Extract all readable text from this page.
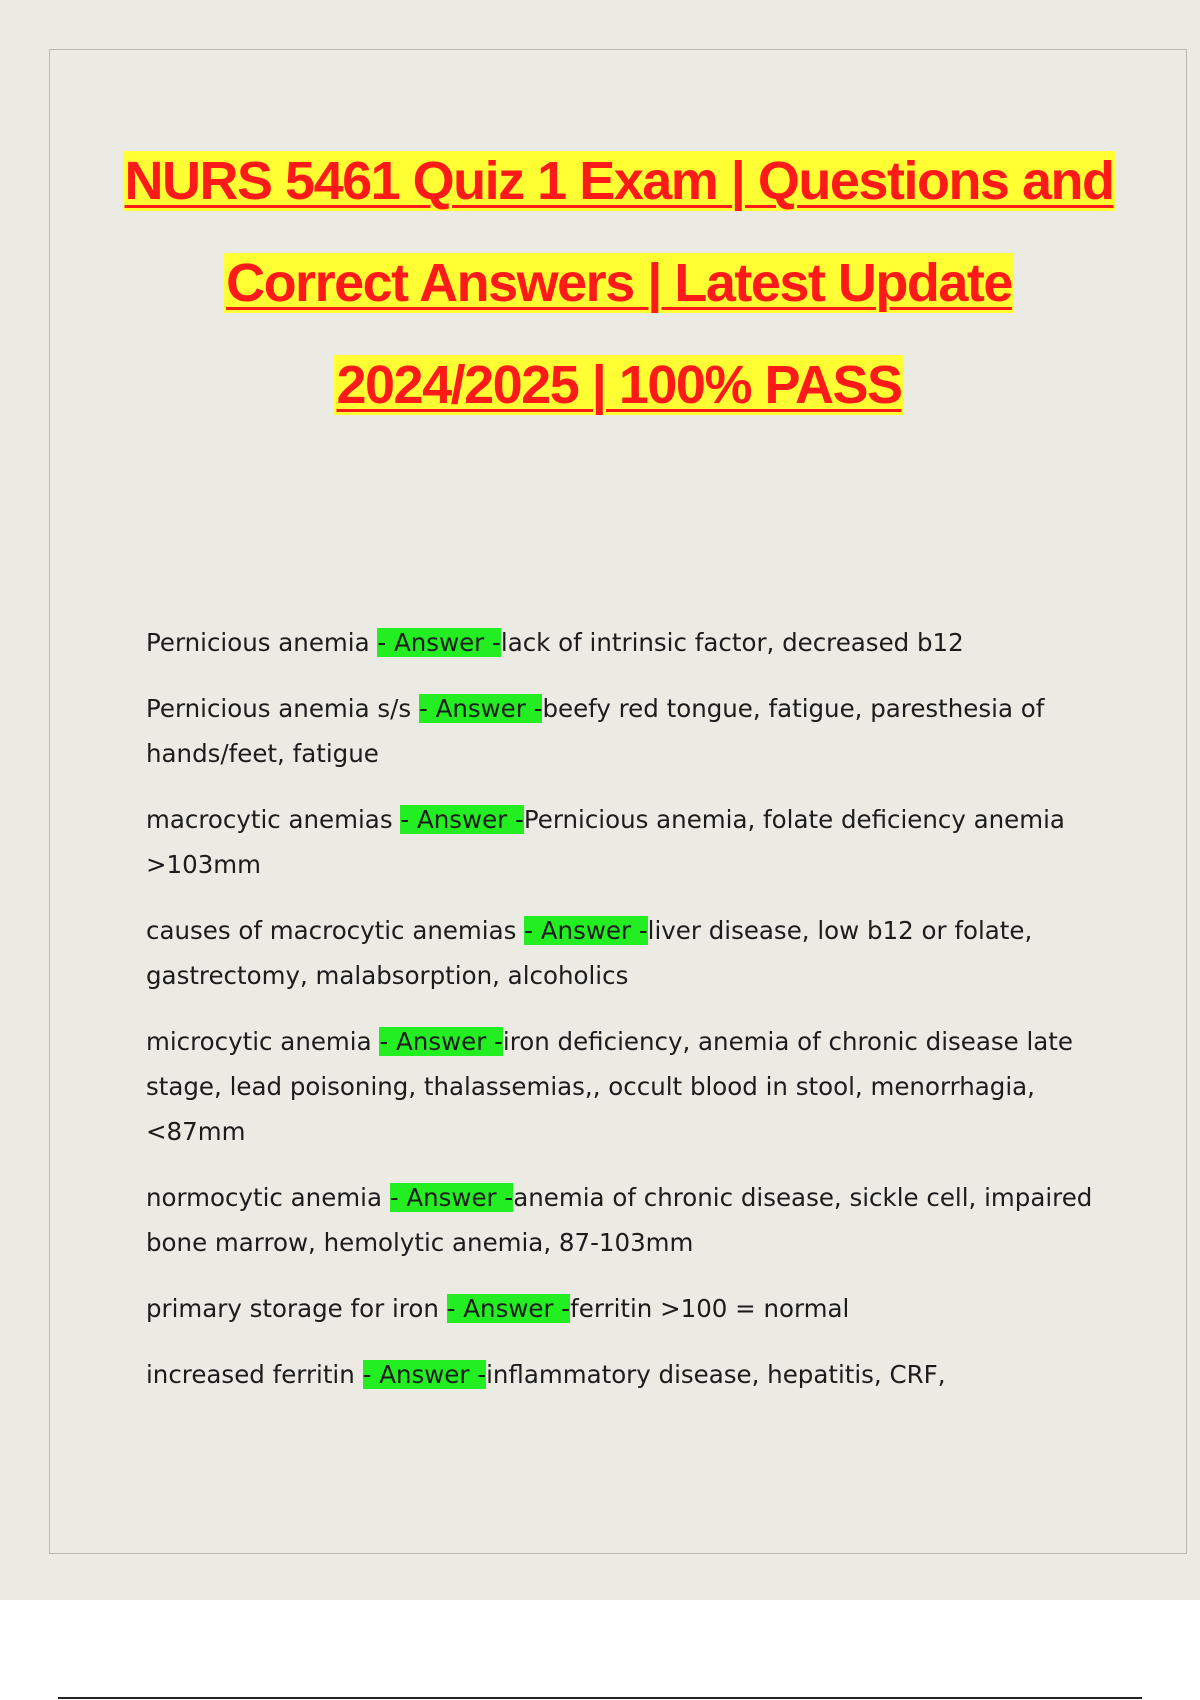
NURS 5461 Quiz 1 Exam | Questions and Correct Answers | Latest Update 2024/2025 | 100% PASS

Pernicious anemia - Answer -lack of intrinsic factor, decreased b12

Pernicious anemia s/s - Answer -beefy red tongue, fatigue, paresthesia of hands/feet, fatigue

macrocytic anemias - Answer -Pernicious anemia, folate deficiency anemia >103mm

causes of macrocytic anemias - Answer -liver disease, low b12 or folate, gastrectomy, malabsorption, alcoholics

microcytic anemia - Answer -iron deficiency, anemia of chronic disease late stage, lead poisoning, thalassemias,, occult blood in stool, menorrhagia, <87mm

normocytic anemia - Answer -anemia of chronic disease, sickle cell, impaired bone marrow, hemolytic anemia, 87-103mm

primary storage for iron - Answer -ferritin >100 = normal

increased ferritin - Answer -inflammatory disease, hepatitis, CRF,
